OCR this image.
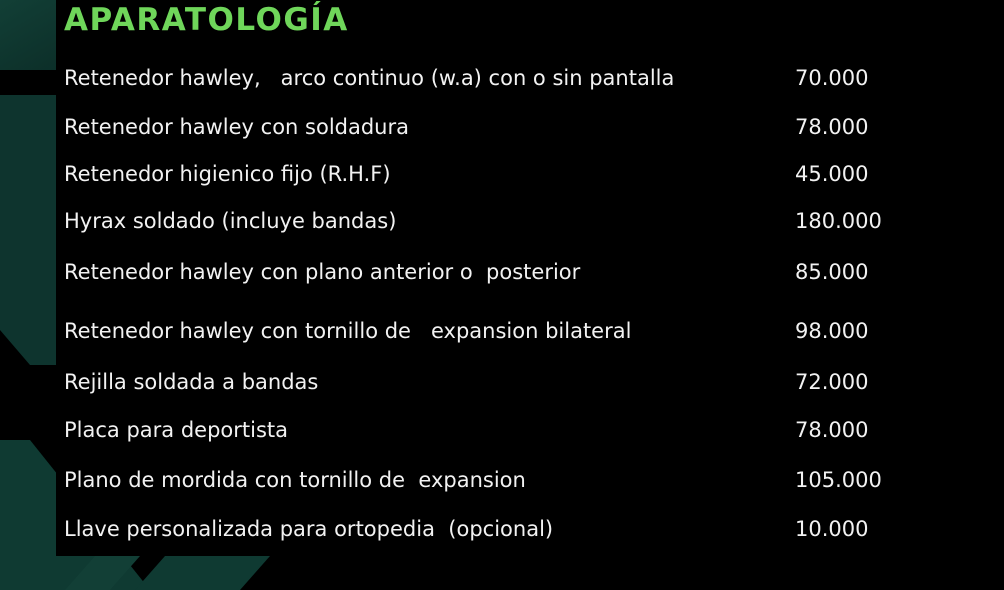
APARATOLOGÍA
Retenedor hawley,   arco continuo (w.a) con o sin pantalla	70.000
Retenedor hawley con soldadura	78.000
Retenedor higienico fijo (R.H.F)	45.000
Hyrax soldado (incluye bandas)	180.000
Retenedor hawley con plano anterior o  posterior	85.000
Retenedor hawley con tornillo de   expansion bilateral	98.000
Rejilla soldada a bandas	72.000
Placa para deportista	78.000
Plano de mordida con tornillo de  expansion	105.000
Llave personalizada para ortopedia  (opcional)	10.000
